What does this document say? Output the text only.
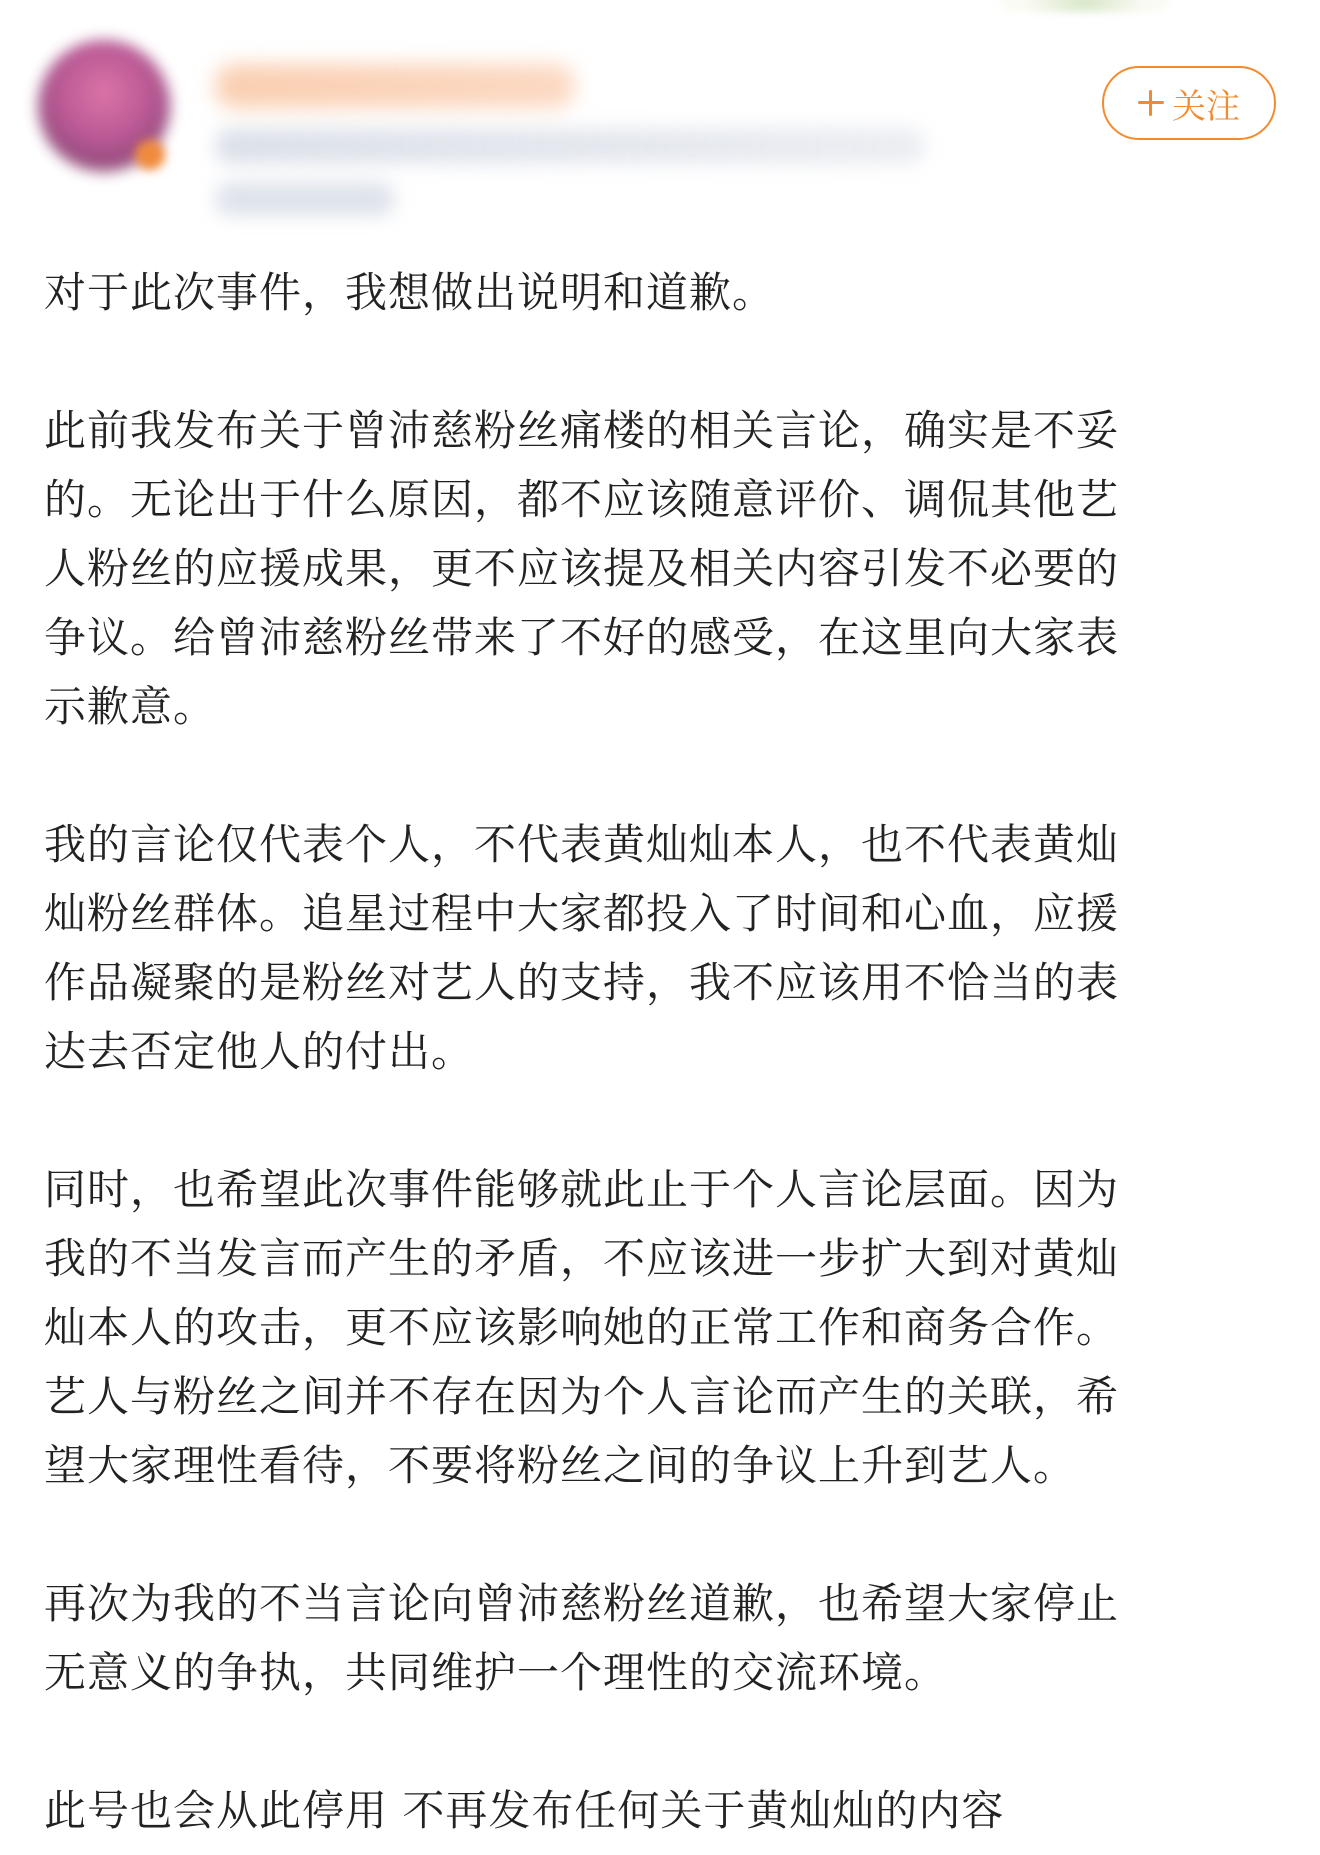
关注

对于此次事件，我想做出说明和道歉。

此前我发布关于曾沛慈粉丝痛楼的相关言论，确实是不妥
的。无论出于什么原因，都不应该随意评价、调侃其他艺
人粉丝的应援成果，更不应该提及相关内容引发不必要的
争议。给曾沛慈粉丝带来了不好的感受，在这里向大家表
示歉意。

我的言论仅代表个人，不代表黄灿灿本人，也不代表黄灿
灿粉丝群体。追星过程中大家都投入了时间和心血，应援
作品凝聚的是粉丝对艺人的支持，我不应该用不恰当的表
达去否定他人的付出。

同时，也希望此次事件能够就此止于个人言论层面。因为
我的不当发言而产生的矛盾，不应该进一步扩大到对黄灿
灿本人的攻击，更不应该影响她的正常工作和商务合作。
艺人与粉丝之间并不存在因为个人言论而产生的关联，希
望大家理性看待，不要将粉丝之间的争议上升到艺人。

再次为我的不当言论向曾沛慈粉丝道歉，也希望大家停止
无意义的争执，共同维护一个理性的交流环境。

此号也会从此停用 不再发布任何关于黄灿灿的内容
